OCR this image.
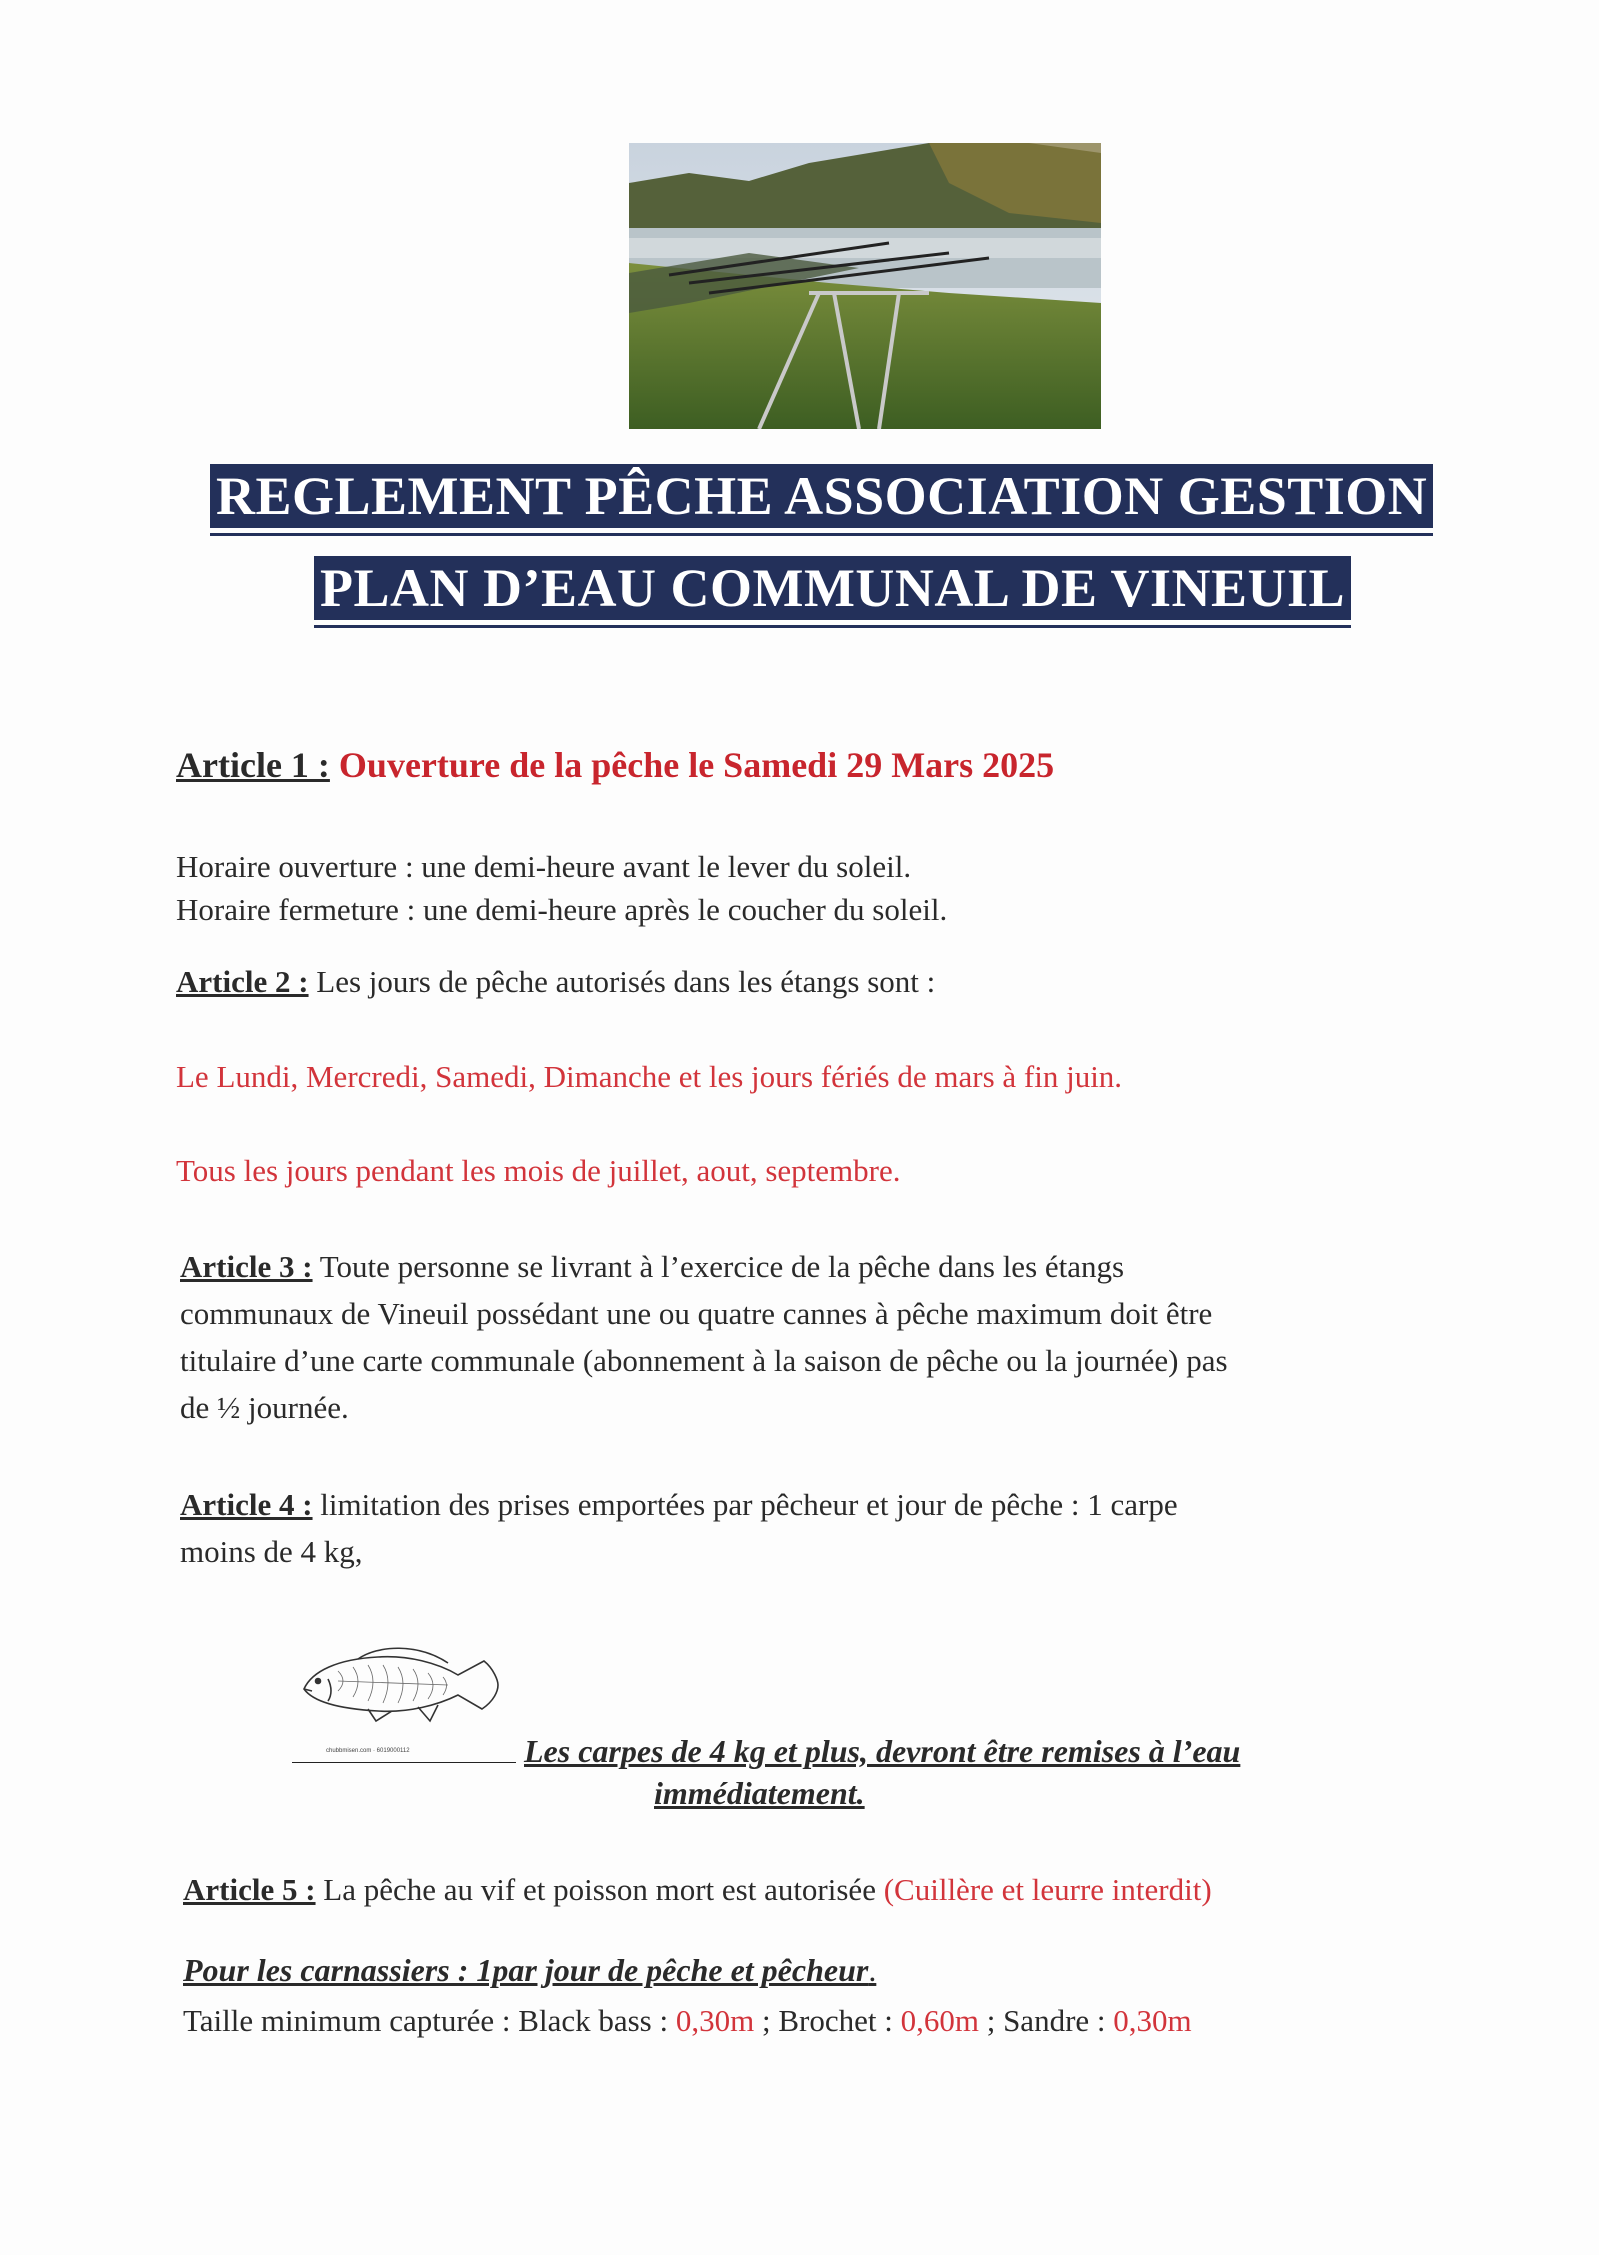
REGLEMENT PÊCHE ASSOCIATION GESTION
PLAN D’EAU COMMUNAL DE VINEUIL
Article 1 : Ouverture de la pêche le Samedi 29 Mars 2025
Horaire ouverture : une demi-heure avant le lever du soleil.
Horaire fermeture : une demi-heure après le coucher du soleil.
Article 2 : Les jours de pêche autorisés dans les étangs sont :
Le Lundi, Mercredi, Samedi, Dimanche et les jours fériés de mars à fin juin.
Tous les jours pendant les mois de juillet, aout, septembre.
Article 3 : Toute personne se livrant à l’exercice de la pêche dans les étangs
communaux de Vineuil possédant une ou quatre cannes à pêche maximum doit être
titulaire d’une carte communale (abonnement à la saison de pêche ou la journée) pas
de ½ journée.
Article 4 : limitation des prises emportées par pêcheur et jour de pêche : 1 carpe
moins de 4 kg,
chubbmisen.com · 6019000112	Les carpes de 4 kg et plus, devront être remises à l’eau
immédiatement.
Article 5 : La pêche au vif et poisson mort est autorisée (Cuillère et leurre interdit)
Pour les carnassiers : 1par jour de pêche et pêcheur.
Taille minimum capturée : Black bass : 0,30m ; Brochet : 0,60m ; Sandre : 0,30m
